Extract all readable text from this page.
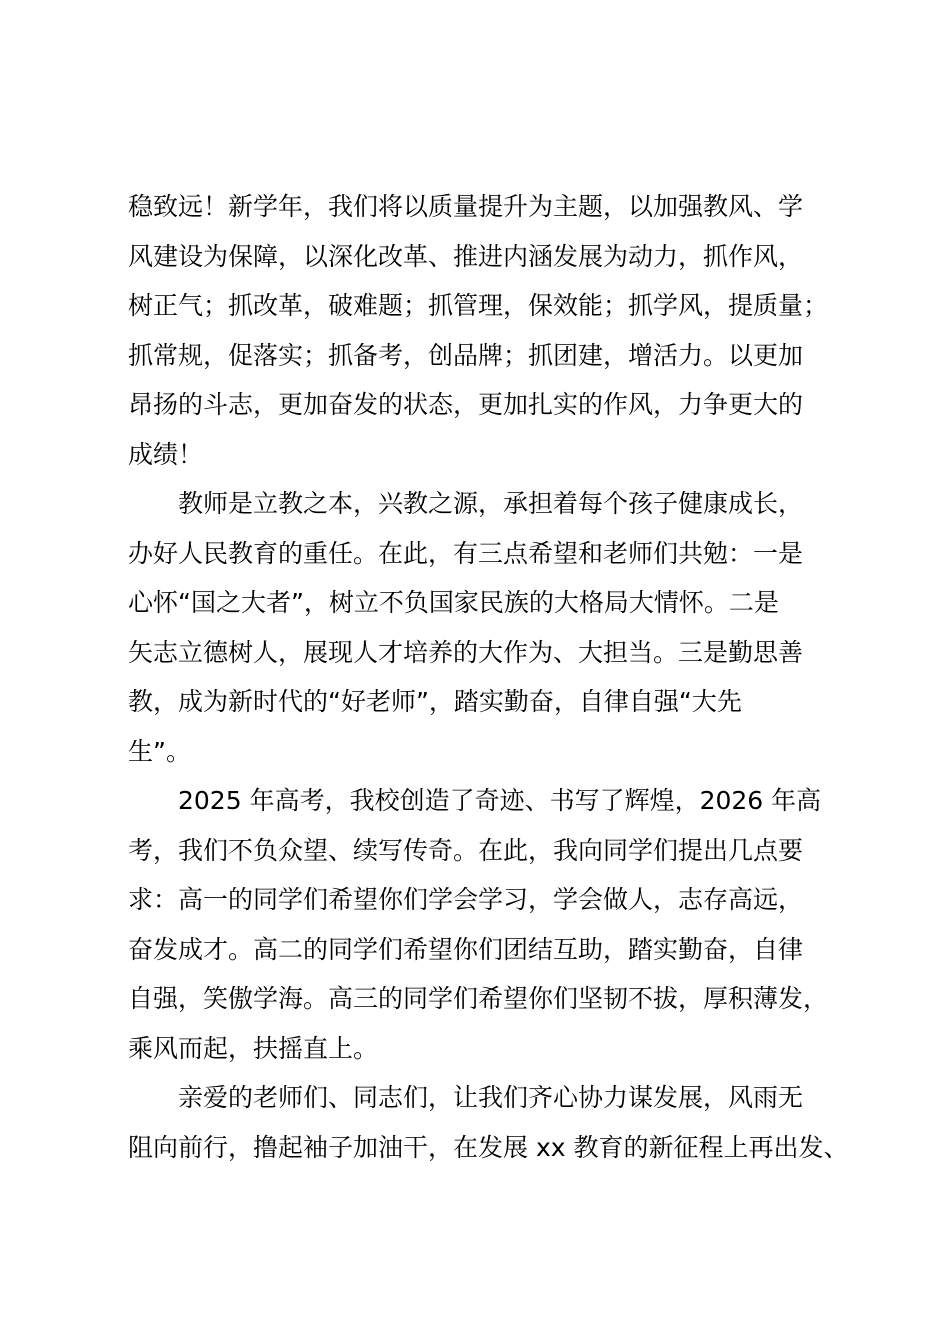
稳致远！新学年，我们将以质量提升为主题，以加强教风、学
风建设为保障，以深化改革、推进内涵发展为动力，抓作风，
树正气；抓改革，破难题；抓管理，保效能；抓学风，提质量；
抓常规，促落实；抓备考，创品牌；抓团建，增活力。以更加
昂扬的斗志，更加奋发的状态，更加扎实的作风，力争更大的
成绩！

教师是立教之本，兴教之源，承担着每个孩子健康成长，
办好人民教育的重任。在此，有三点希望和老师们共勉：一是
心怀“国之大者”，树立不负国家民族的大格局大情怀。二是
矢志立德树人，展现人才培养的大作为、大担当。三是勤思善
教，成为新时代的“好老师”，踏实勤奋，自律自强“大先
生”。

2025 年高考，我校创造了奇迹、书写了辉煌，2026 年高
考，我们不负众望、续写传奇。在此，我向同学们提出几点要
求：高一的同学们希望你们学会学习，学会做人，志存高远，
奋发成才。高二的同学们希望你们团结互助，踏实勤奋，自律
自强，笑傲学海。高三的同学们希望你们坚韧不拔，厚积薄发，
乘风而起，扶摇直上。

亲爱的老师们、同志们，让我们齐心协力谋发展，风雨无
阻向前行，撸起袖子加油干，在发展 xx 教育的新征程上再出发、
